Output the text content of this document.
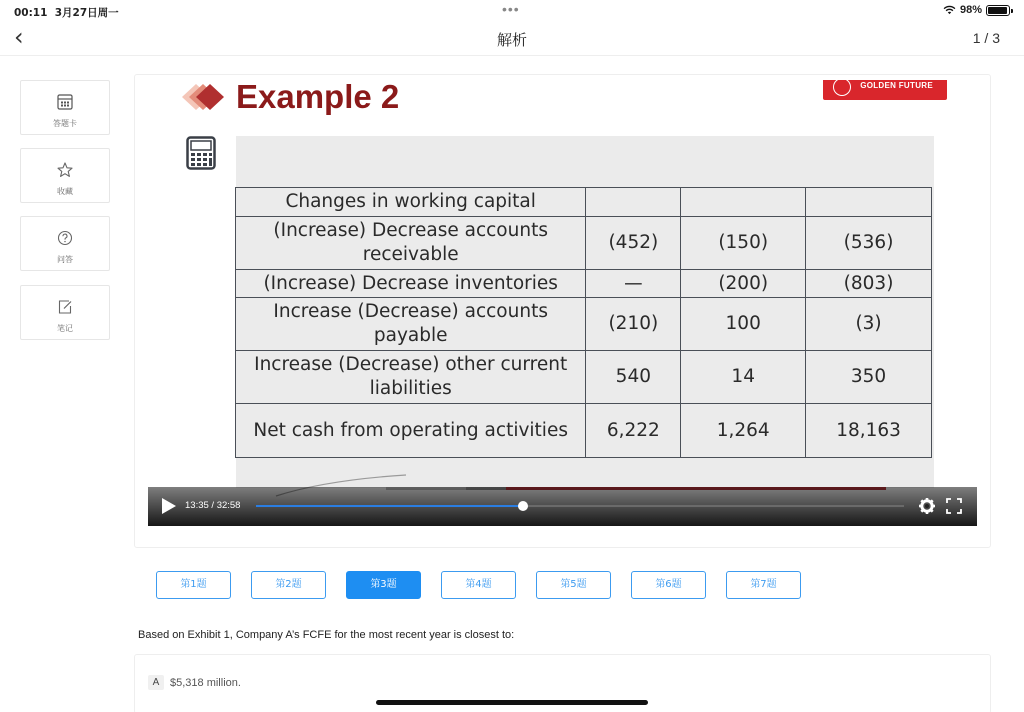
00:11 3月27日周一	•••	98%
‹	解析	1 / 3
答题卡
收藏
问答
笔记
Example 2	GOLDEN FUTURE
Changes in working capital			
(Increase) Decrease accounts receivable	(452)	(150)	(536)
(Increase) Decrease inventories	—	(200)	(803)
Increase (Decrease) accounts payable	(210)	100	(3)
Increase (Decrease) other current liabilities	540	14	350
Net cash from operating activities	6,222	1,264	18,163
13:35 / 32:58
第1题	第2题	第3题	第4题	第5题	第6题	第7题
Based on Exhibit 1, Company A’s FCFE for the most recent year is closest to:
A $5,318 million.
